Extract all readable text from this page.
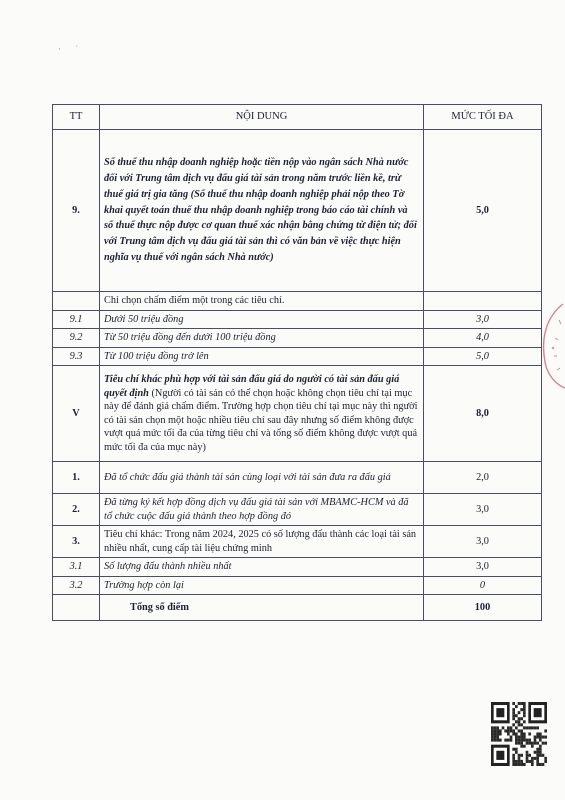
· ˙
TT	NỘI DUNG	MỨC TỐI ĐA
9.	Số thuế thu nhập doanh nghiệp hoặc tiền nộp vào ngân sách Nhà nước đối với Trung tâm dịch vụ đấu giá tài sản trong năm trước liền kề, trừ thuế giá trị gia tăng (Số thuế thu nhập doanh nghiệp phải nộp theo Tờ khai quyết toán thuế thu nhập doanh nghiệp trong báo cáo tài chính và số thuế thực nộp được cơ quan thuế xác nhận bằng chứng từ điện tử; đối với Trung tâm dịch vụ đấu giá tài sản thì có văn bản về việc thực hiện nghĩa vụ thuế với ngân sách Nhà nước)	5,0
	Chỉ chọn chấm điểm một trong các tiêu chí.	
9.1	Dưới 50 triệu đồng	3,0
9.2	Từ 50 triệu đồng đến dưới 100 triệu đồng	4,0
9.3	Từ 100 triệu đồng trở lên	5,0
V	Tiêu chí khác phù hợp với tài sản đấu giá do người có tài sản đấu giá quyết định (Người có tài sản có thể chọn hoặc không chọn tiêu chí tại mục này để đánh giá chấm điểm. Trường hợp chọn tiêu chí tại mục này thì người có tài sản chọn một hoặc nhiều tiêu chí sau đây nhưng số điểm không được vượt quá mức tối đa của từng tiêu chí và tổng số điểm không được vượt quá mức tối đa của mục này)	8,0
1.	Đã tổ chức đấu giá thành tài sản cùng loại với tài sản đưa ra đấu giá	2,0
2.	Đã từng ký kết hợp đồng dịch vụ đấu giá tài sản với MBAMC-HCM và đã tổ chức cuộc đấu giá thành theo hợp đồng đó	3,0
3.	Tiêu chí khác: Trong năm 2024, 2025 có số lượng đấu thành các loại tài sản nhiều nhất, cung cấp tài liệu chứng minh	3,0
3.1	Số lượng đấu thành nhiều nhất	3,0
3.2	Trường hợp còn lại	0
	Tổng số điểm	100
